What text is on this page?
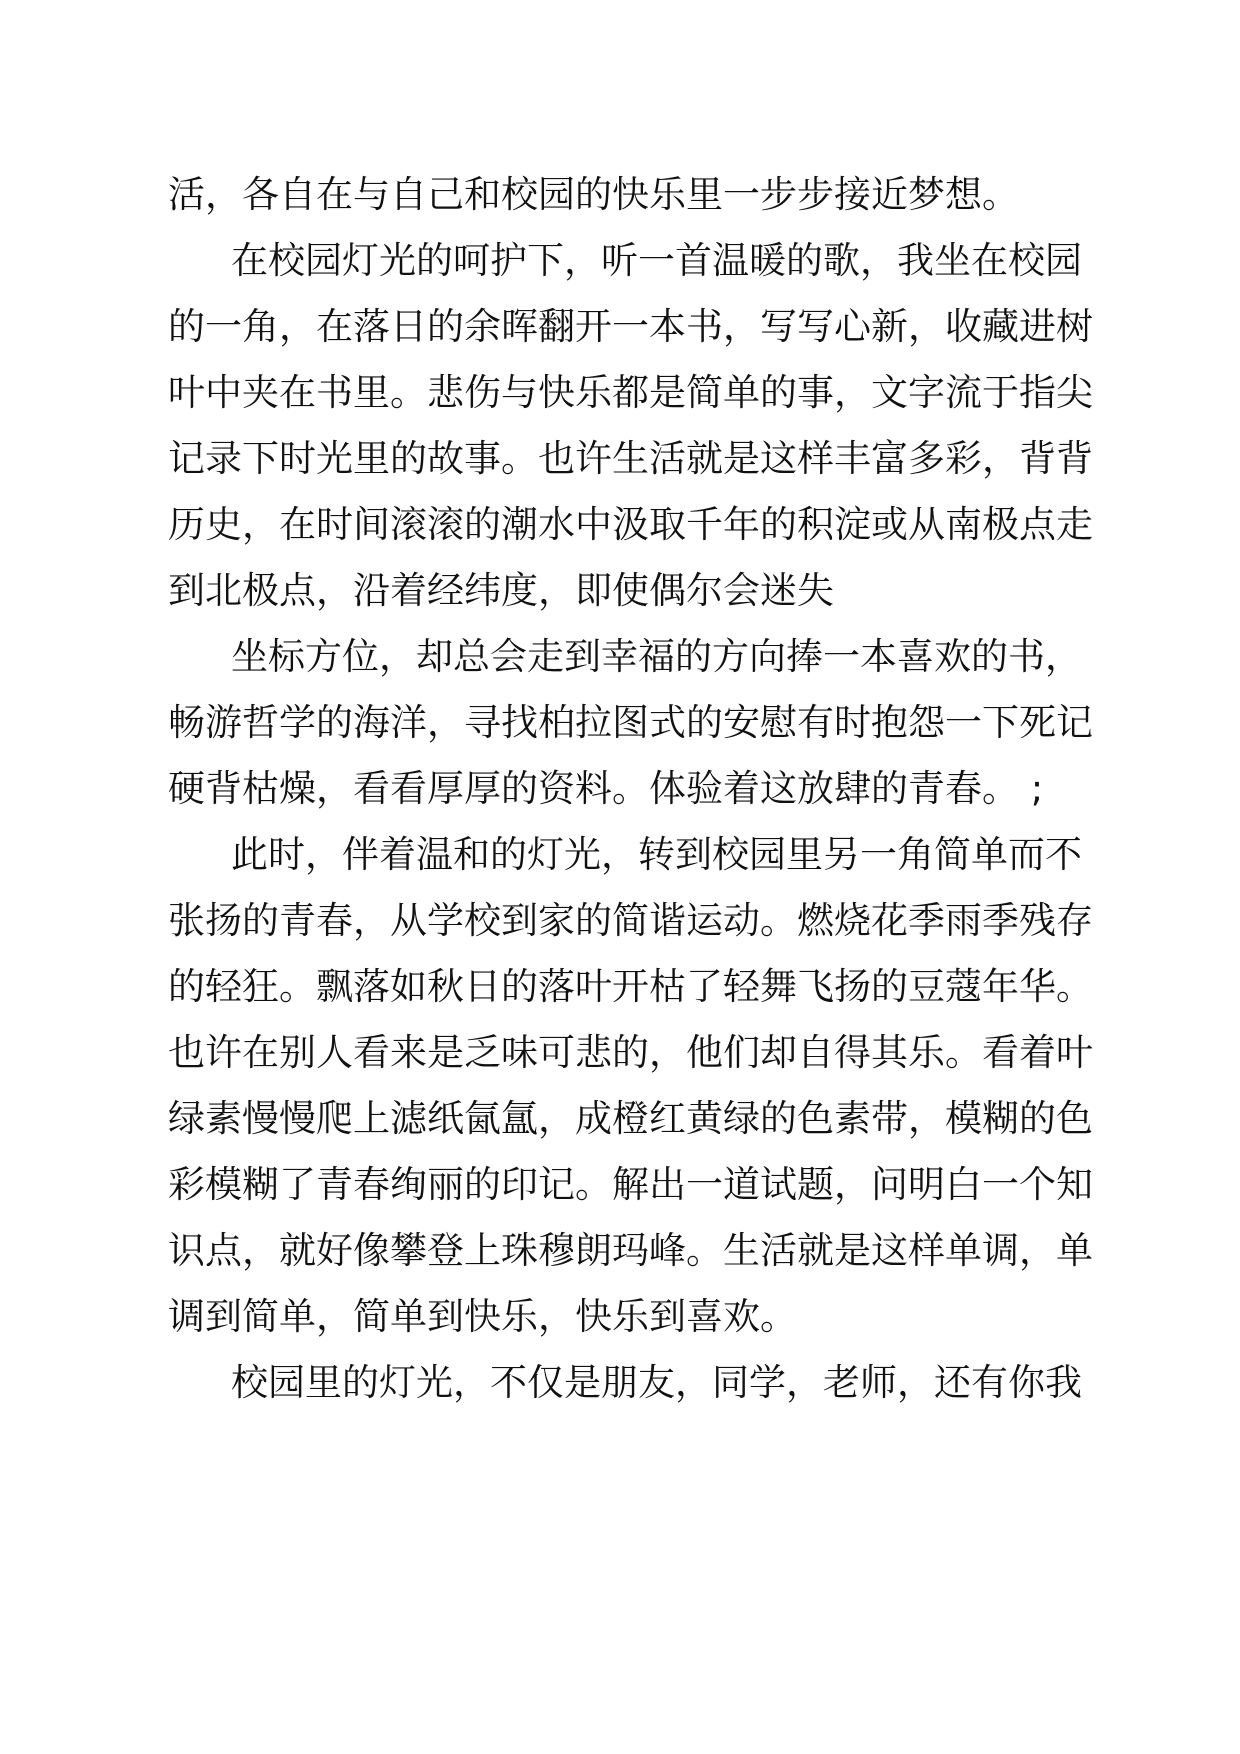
活，各自在与自己和校园的快乐里一步步接近梦想。
在校园灯光的呵护下，听一首温暖的歌，我坐在校园
的一角，在落日的余晖翻开一本书，写写心新，收藏进树
叶中夹在书里。悲伤与快乐都是简单的事，文字流于指尖
记录下时光里的故事。也许生活就是这样丰富多彩，背背
历史，在时间滚滚的潮水中汲取千年的积淀或从南极点走
到北极点，沿着经纬度，即使偶尔会迷失
坐标方位，却总会走到幸福的方向捧一本喜欢的书，
畅游哲学的海洋，寻找柏拉图式的安慰有时抱怨一下死记
硬背枯燥，看看厚厚的资料。体验着这放肆的青春。 ;
此时，伴着温和的灯光，转到校园里另一角简单而不
张扬的青春，从学校到家的简谐运动。燃烧花季雨季残存
的轻狂。飘落如秋日的落叶开枯了轻舞飞扬的豆蔻年华。
也许在别人看来是乏味可悲的，他们却自得其乐。看着叶
绿素慢慢爬上滤纸氤氲，成橙红黄绿的色素带，模糊的色
彩模糊了青春绚丽的印记。解出一道试题，问明白一个知
识点，就好像攀登上珠穆朗玛峰。生活就是这样单调，单
调到简单，简单到快乐，快乐到喜欢。
校园里的灯光，不仅是朋友，同学，老师，还有你我
